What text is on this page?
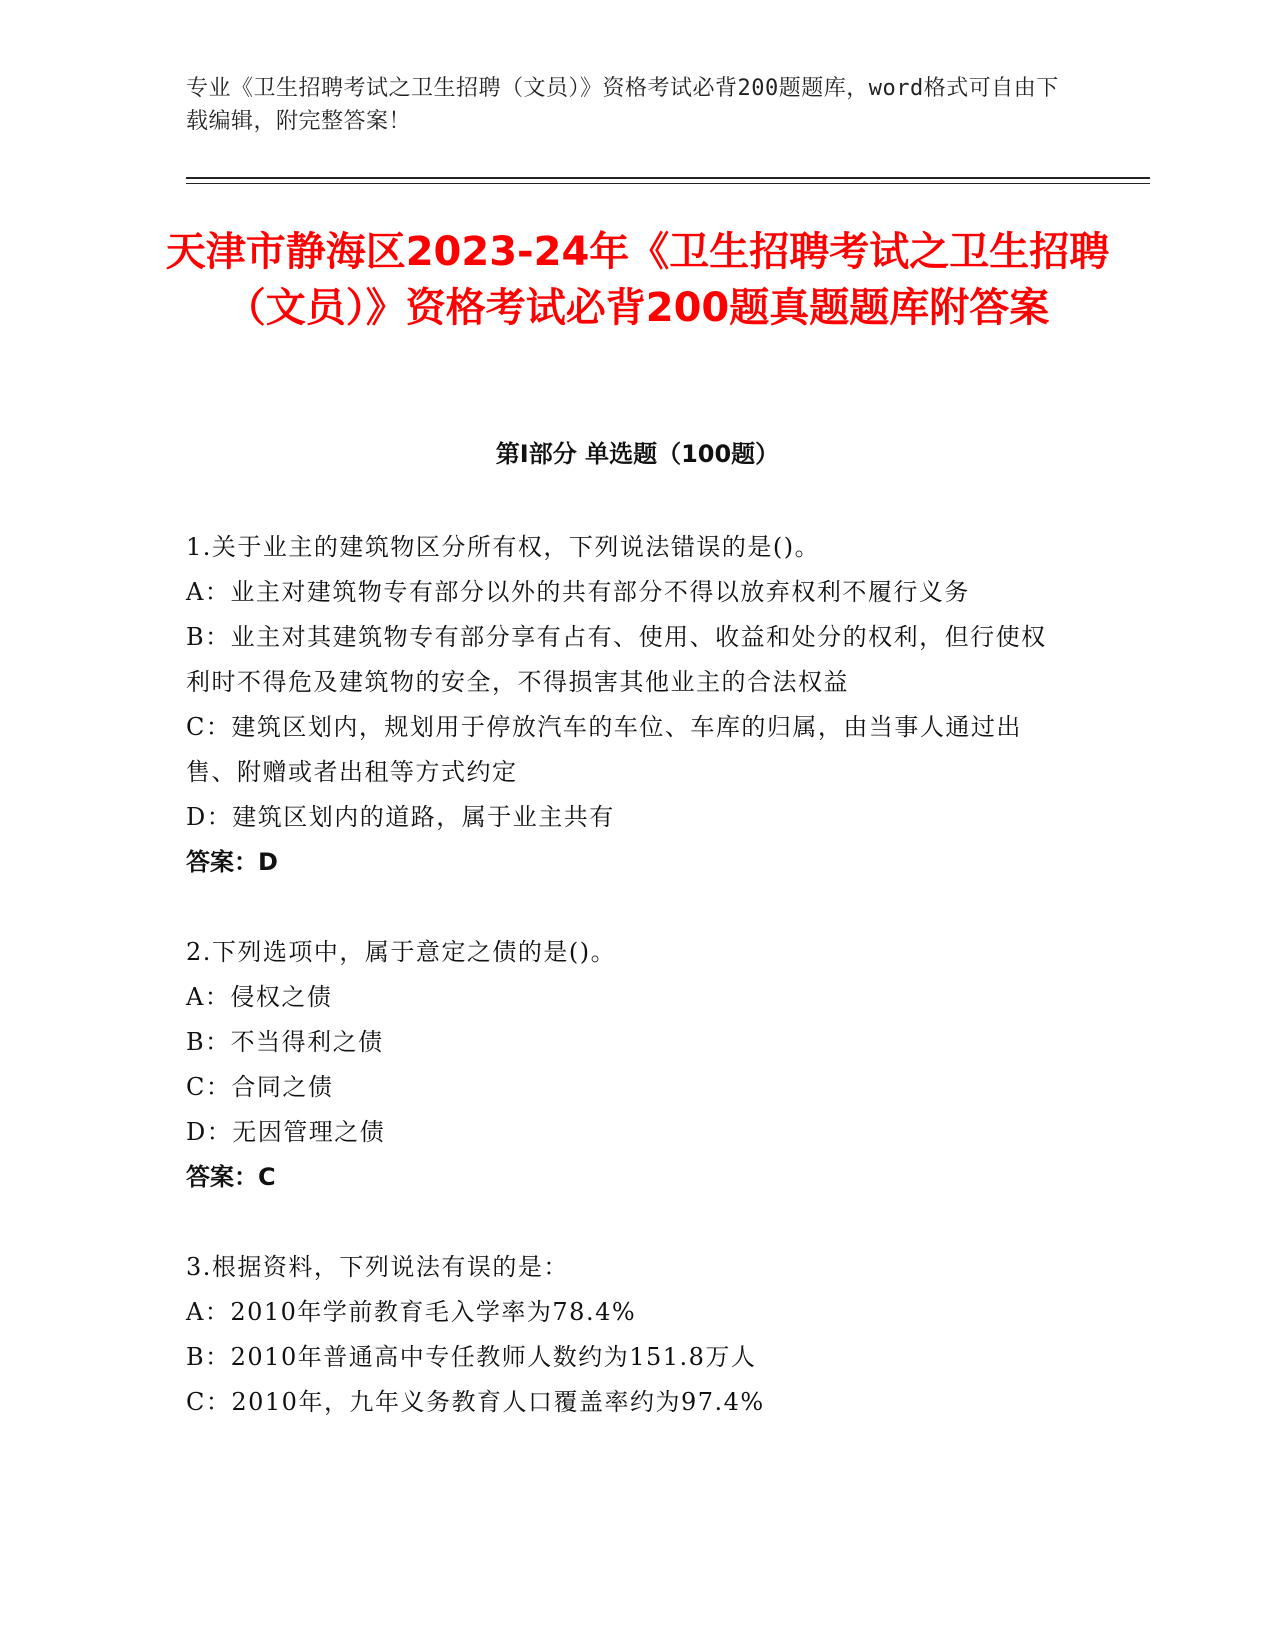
专业《卫生招聘考试之卫生招聘（文员）》资格考试必背200题题库，word格式可自由下载编辑，附完整答案！
天津市静海区2023-24年《卫生招聘考试之卫生招聘（文员）》资格考试必背200题真题题库附答案
第Ⅰ部分 单选题（100题）
1.关于业主的建筑物区分所有权，下列说法错误的是()。
A：业主对建筑物专有部分以外的共有部分不得以放弃权利不履行义务
B：业主对其建筑物专有部分享有占有、使用、收益和处分的权利，但行使权利时不得危及建筑物的安全，不得损害其他业主的合法权益
C：建筑区划内，规划用于停放汽车的车位、车库的归属，由当事人通过出售、附赠或者出租等方式约定
D：建筑区划内的道路，属于业主共有
答案：D
2.下列选项中，属于意定之债的是()。
A：侵权之债
B：不当得利之债
C：合同之债
D：无因管理之债
答案：C
3.根据资料，下列说法有误的是：
A：2010年学前教育毛入学率为78.4%
B：2010年普通高中专任教师人数约为151.8万人
C：2010年，九年义务教育人口覆盖率约为97.4%
